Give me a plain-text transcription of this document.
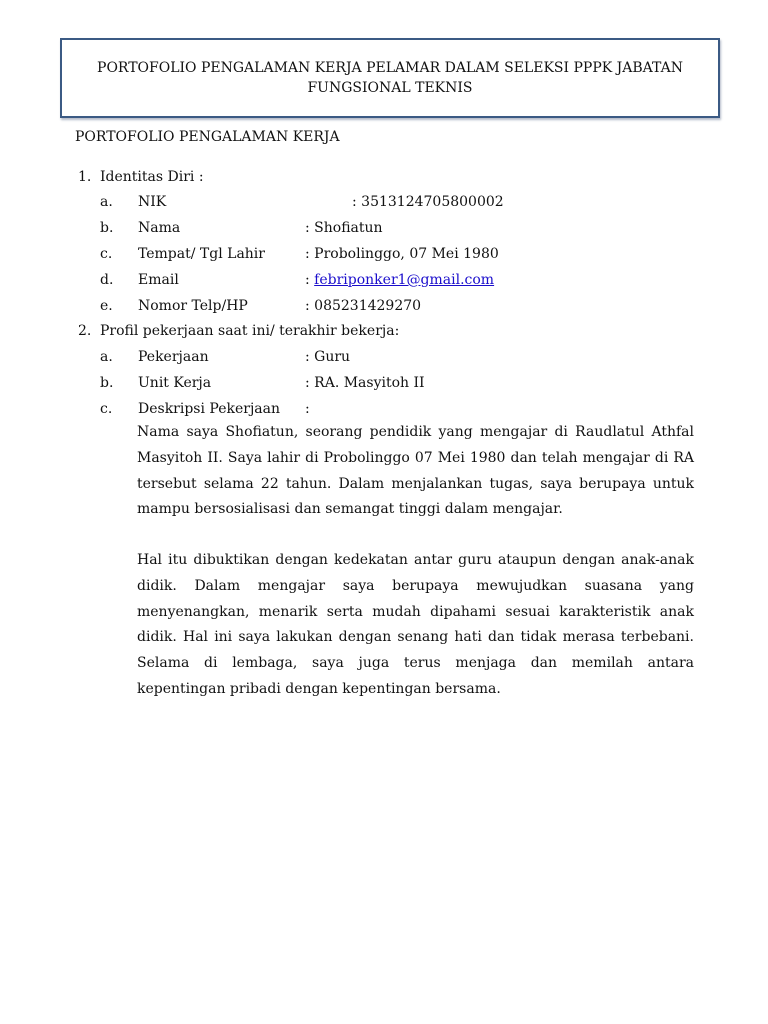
PORTOFOLIO PENGALAMAN KERJA PELAMAR DALAM SELEKSI PPPK JABATAN FUNGSIONAL TEKNIS
PORTOFOLIO PENGALAMAN KERJA
1. Identitas Diri :
a. NIK	: 3513124705800002
b. Nama	: Shofiatun
c. Tempat/ Tgl Lahir	: Probolinggo, 07 Mei 1980
d. Email	: febriponker1@gmail.com
e. Nomor Telp/HP	: 085231429270
2. Profil pekerjaan saat ini/ terakhir bekerja:
a. Pekerjaan	: Guru
b. Unit Kerja	: RA. Masyitoh II
c. Deskripsi Pekerjaan :

Nama saya Shofiatun, seorang pendidik yang mengajar di Raudlatul Athfal Masyitoh II. Saya lahir di Probolinggo 07 Mei 1980 dan telah mengajar di RA tersebut selama 22 tahun. Dalam menjalankan tugas, saya berupaya untuk mampu bersosialisasi dan semangat tinggi dalam mengajar.

Hal itu dibuktikan dengan kedekatan antar guru ataupun dengan anak-anak didik. Dalam mengajar saya berupaya mewujudkan suasana yang menyenangkan, menarik serta mudah dipahami sesuai karakteristik anak didik. Hal ini saya lakukan dengan senang hati dan tidak merasa terbebani. Selama di lembaga, saya juga terus menjaga dan memilah antara kepentingan pribadi dengan kepentingan bersama.
